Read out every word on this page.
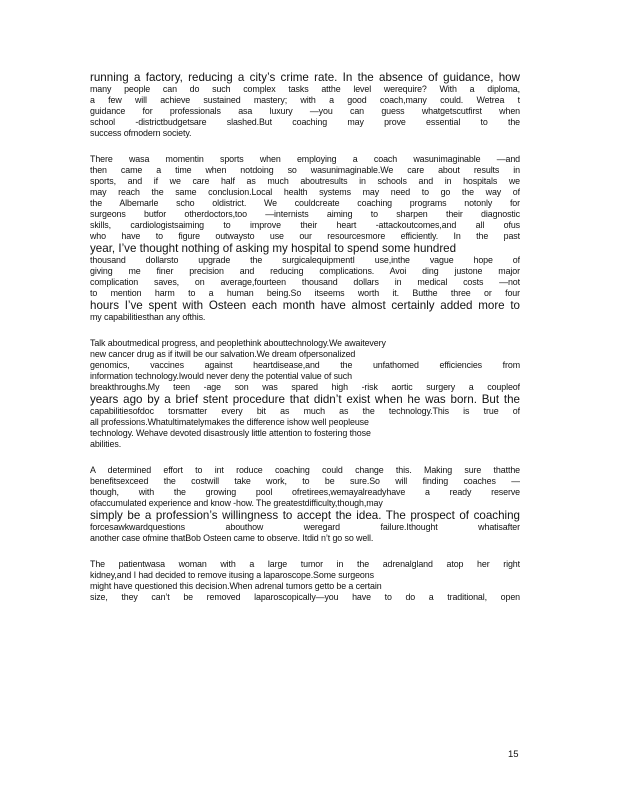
running a factory, reducing a city’s crime rate. In the absence of guidance, how
many people can do such complex tasks atthe level werequire? With a diploma,
a few will achieve sustained mastery; with a good coach,many could. Wetrea t
guidance for professionals asa luxury —you can guess whatgetscutfirst when
school -districtbudgetsare slashed.But coaching may prove essential to the
success ofmodern society.
There wasa momentin sports when employing a coach wasunimaginable —and
then came a time when notdoing so wasunimaginable.We care about results in
sports, and if we care half as much aboutresults in schools and in hospitals we
may reach the same conclusion.Local health systems may need to go the way of
the Albemarle scho oldistrict. We couldcreate coaching programs notonly for
surgeons butfor otherdoctors,too —internists aiming to sharpen their diagnostic
skills, cardiologistsaiming to improve their heart -attackoutcomes,and all ofus
who have to figure outwaysto use our resourcesmore efficiently. In the past
year, I’ve thought nothing of asking my hospital to spend some hundred
thousand dollarsto upgrade the surgicalequipmentI use,inthe vague hope of
giving me finer precision and reducing complications. Avoi ding justone major
complication saves, on average,fourteen thousand dollars in medical costs —not
to mention harm to a human being.So itseems worth it. Butthe three or four
hours I’ve spent with Osteen each month have almost certainly added more to
my capabilitiesthan any ofthis.
Talk aboutmedical progress, and peoplethink abouttechnology.We awaitevery
new cancer drug as if itwill be our salvation.We dream ofpersonalized
genomics, vaccines against heartdisease,and the unfathomed efficiencies from
information technology.Iwould never deny the potential value of such
breakthroughs.My teen -age son was spared high -risk aortic surgery a coupleof
years ago by a brief stent procedure that didn’t exist when he was born. But the
capabilitiesofdoc torsmatter every bit as much as the technology.This is true of
all professions.Whatultimatelymakes the difference ishow well peopleuse
technology. Wehave devoted disastrously little attention to fostering those
abilities.
A determined effort to int roduce coaching could change this. Making sure thatthe
benefitsexceed the costwill take work, to be sure.So will finding coaches —
though, with the growing pool ofretirees,wemayalreadyhave a ready reserve
ofaccumulated experience and know -how. The greatestdifficulty,though,may
simply be a profession’s willingness to accept the idea. The prospect of coaching
forcesawkwardquestions abouthow weregard failure.Ithought whatisafter
another case ofmine thatBob Osteen came to observe. Itdid n’t go so well.
The patientwasa woman with a large tumor in the adrenalgland atop her right
kidney,and I had decided to remove itusing a laparoscope.Some surgeons
might have questioned this decision.When adrenal tumors getto be a certain
size, they can’t be removed laparoscopically—you have to do a traditional, open
15
